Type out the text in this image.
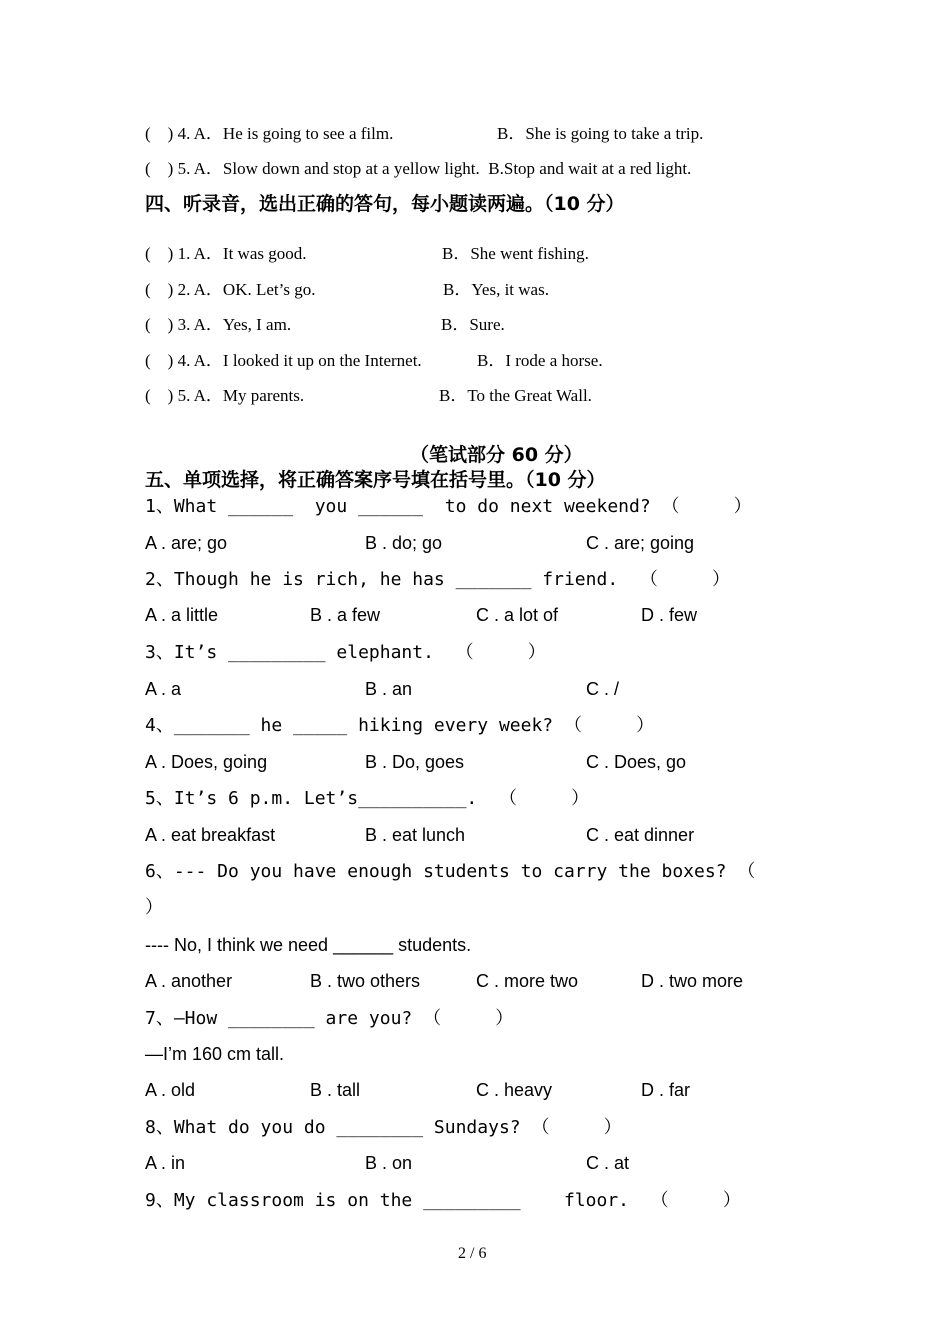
(    ) 4. A．He is going to see a film.	B．She is going to take a trip.
(    ) 5. A．Slow down and stop at a yellow light.  B.Stop and wait at a red light.
四、听录音，选出正确的答句，每小题读两遍。（10 分）
(    ) 1. A．It was good.	B．She went fishing.
(    ) 2. A．OK. Let’s go.	B．Yes, it was.
(    ) 3. A．Yes, I am.	B．Sure.
(    ) 4. A．I looked it up on the Internet.	B．I rode a horse.
(    ) 5. A．My parents.	B．To the Great Wall.
（笔试部分 60 分）
五、单项选择，将正确答案序号填在括号里。（10 分）
1、What ______  you ______  to do next weekend? （     ）
A . are; go	B . do; go	C . are; going
2、Though he is rich, he has _______ friend.  （     ）
A . a little	B . a few	C . a lot of	D . few
3、It’s _________ elephant.  （     ）
A . a	B . an	C . /
4、_______ he _____ hiking every week? （     ）
A . Does, going	B . Do, goes	C . Does, go
5、It’s 6 p.m. Let’s__________.  （     ）
A . eat breakfast	B . eat lunch	C . eat dinner
6、--- Do you have enough students to carry the boxes? （
）
---- No, I think we need ______ students.
A . another	B . two others	C . more two	D . two more
7、—How ________ are you? （     ）
—I’m 160 cm tall.
A . old	B . tall	C . heavy	D . far
8、What do you do ________ Sundays? （     ）
A . in	B . on	C . at
9、My classroom is on the _________    floor.  （     ）
2 / 6
